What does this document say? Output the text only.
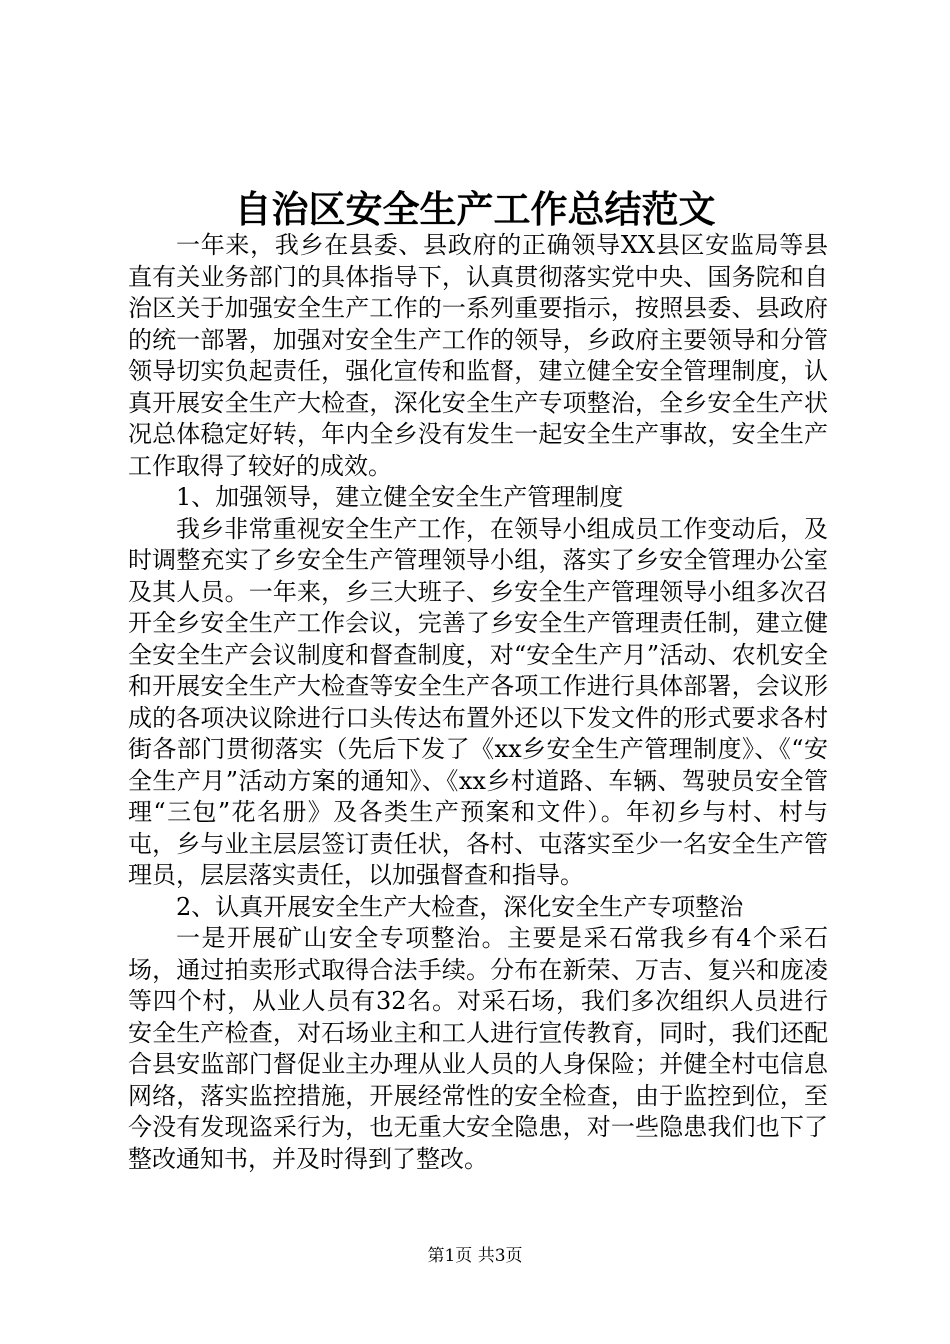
自治区安全生产工作总结范文

一年来，我乡在县委、县政府的正确领导XX县区安监局等县直有关业务部门的具体指导下，认真贯彻落实党中央、国务院和自治区关于加强安全生产工作的一系列重要指示，按照县委、县政府的统一部署，加强对安全生产工作的领导，乡政府主要领导和分管领导切实负起责任，强化宣传和监督，建立健全安全管理制度，认真开展安全生产大检查，深化安全生产专项整治，全乡安全生产状况总体稳定好转，年内全乡没有发生一起安全生产事故，安全生产工作取得了较好的成效。

1、加强领导，建立健全安全生产管理制度

我乡非常重视安全生产工作，在领导小组成员工作变动后，及时调整充实了乡安全生产管理领导小组，落实了乡安全管理办公室及其人员。一年来，乡三大班子、乡安全生产管理领导小组多次召开全乡安全生产工作会议，完善了乡安全生产管理责任制，建立健全安全生产会议制度和督查制度，对“安全生产月”活动、农机安全和开展安全生产大检查等安全生产各项工作进行具体部署，会议形成的各项决议除进行口头传达布置外还以下发文件的形式要求各村街各部门贯彻落实（先后下发了《xx乡安全生产管理制度》、《“安全生产月”活动方案的通知》、《xx乡村道路、车辆、驾驶员安全管理“三包”花名册》及各类生产预案和文件）。年初乡与村、村与屯，乡与业主层层签订责任状，各村、屯落实至少一名安全生产管理员，层层落实责任，以加强督查和指导。

2、认真开展安全生产大检查，深化安全生产专项整治

一是开展矿山安全专项整治。主要是采石常我乡有4个采石场，通过拍卖形式取得合法手续。分布在新荣、万吉、复兴和庞凌等四个村，从业人员有32名。对采石场，我们多次组织人员进行安全生产检查，对石场业主和工人进行宣传教育，同时，我们还配合县安监部门督促业主办理从业人员的人身保险；并健全村屯信息网络，落实监控措施，开展经常性的安全检查，由于监控到位，至今没有发现盗采行为，也无重大安全隐患，对一些隐患我们也下了整改通知书，并及时得到了整改。

第1页 共3页
